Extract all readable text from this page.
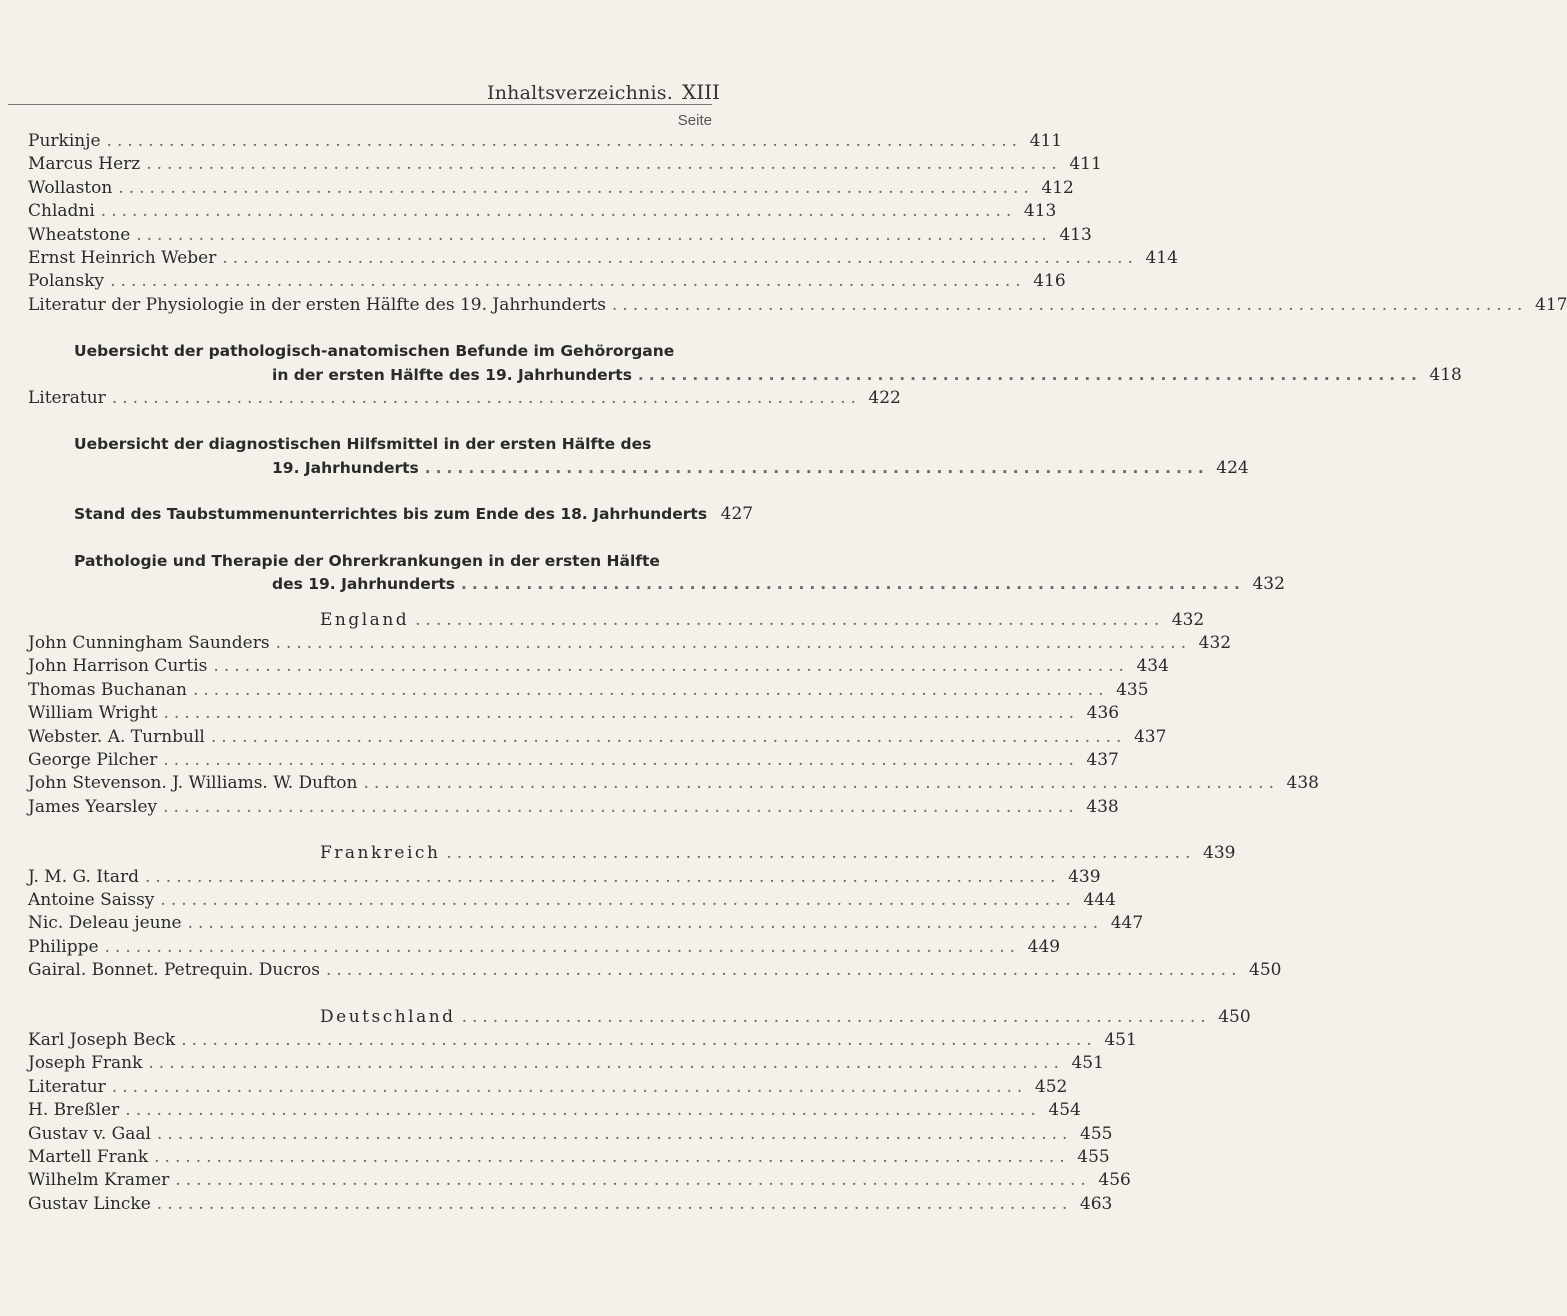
Inhaltsverzeichnis. XIII
Seite
Purkinje ........................................................................................ 411
Marcus Herz ........................................................................................ 411
Wollaston ........................................................................................ 412
Chladni ........................................................................................ 413
Wheatstone ........................................................................................ 413
Ernst Heinrich Weber ........................................................................................ 414
Polansky ........................................................................................ 416
Literatur der Physiologie in der ersten Hälfte des 19. Jahrhunderts ........................................................................................ 417
Uebersicht der pathologisch-anatomischen Befunde im Gehörorgane
in der ersten Hälfte des 19. Jahrhunderts ........................................................................ 418
Literatur ........................................................................ 422
Uebersicht der diagnostischen Hilfsmittel in der ersten Hälfte des
19. Jahrhunderts ........................................................................ 424
Stand des Taubstummenunterrichtes bis zum Ende des 18. Jahrhunderts 427
Pathologie und Therapie der Ohrerkrankungen in der ersten Hälfte
des 19. Jahrhunderts ........................................................................ 432
England ........................................................................ 432
John Cunningham Saunders ........................................................................................ 432
John Harrison Curtis ........................................................................................ 434
Thomas Buchanan ........................................................................................ 435
William Wright ........................................................................................ 436
Webster. A. Turnbull ........................................................................................ 437
George Pilcher ........................................................................................ 437
John Stevenson. J. Williams. W. Dufton ........................................................................................ 438
James Yearsley ........................................................................................ 438
Frankreich ........................................................................ 439
J. M. G. Itard ........................................................................................ 439
Antoine Saissy ........................................................................................ 444
Nic. Deleau jeune ........................................................................................ 447
Philippe ........................................................................................ 449
Gairal. Bonnet. Petrequin. Ducros ........................................................................................ 450
Deutschland ........................................................................ 450
Karl Joseph Beck ........................................................................................ 451
Joseph Frank ........................................................................................ 451
Literatur ........................................................................................ 452
H. Breßler ........................................................................................ 454
Gustav v. Gaal ........................................................................................ 455
Martell Frank ........................................................................................ 455
Wilhelm Kramer ........................................................................................ 456
Gustav Lincke ........................................................................................ 463
